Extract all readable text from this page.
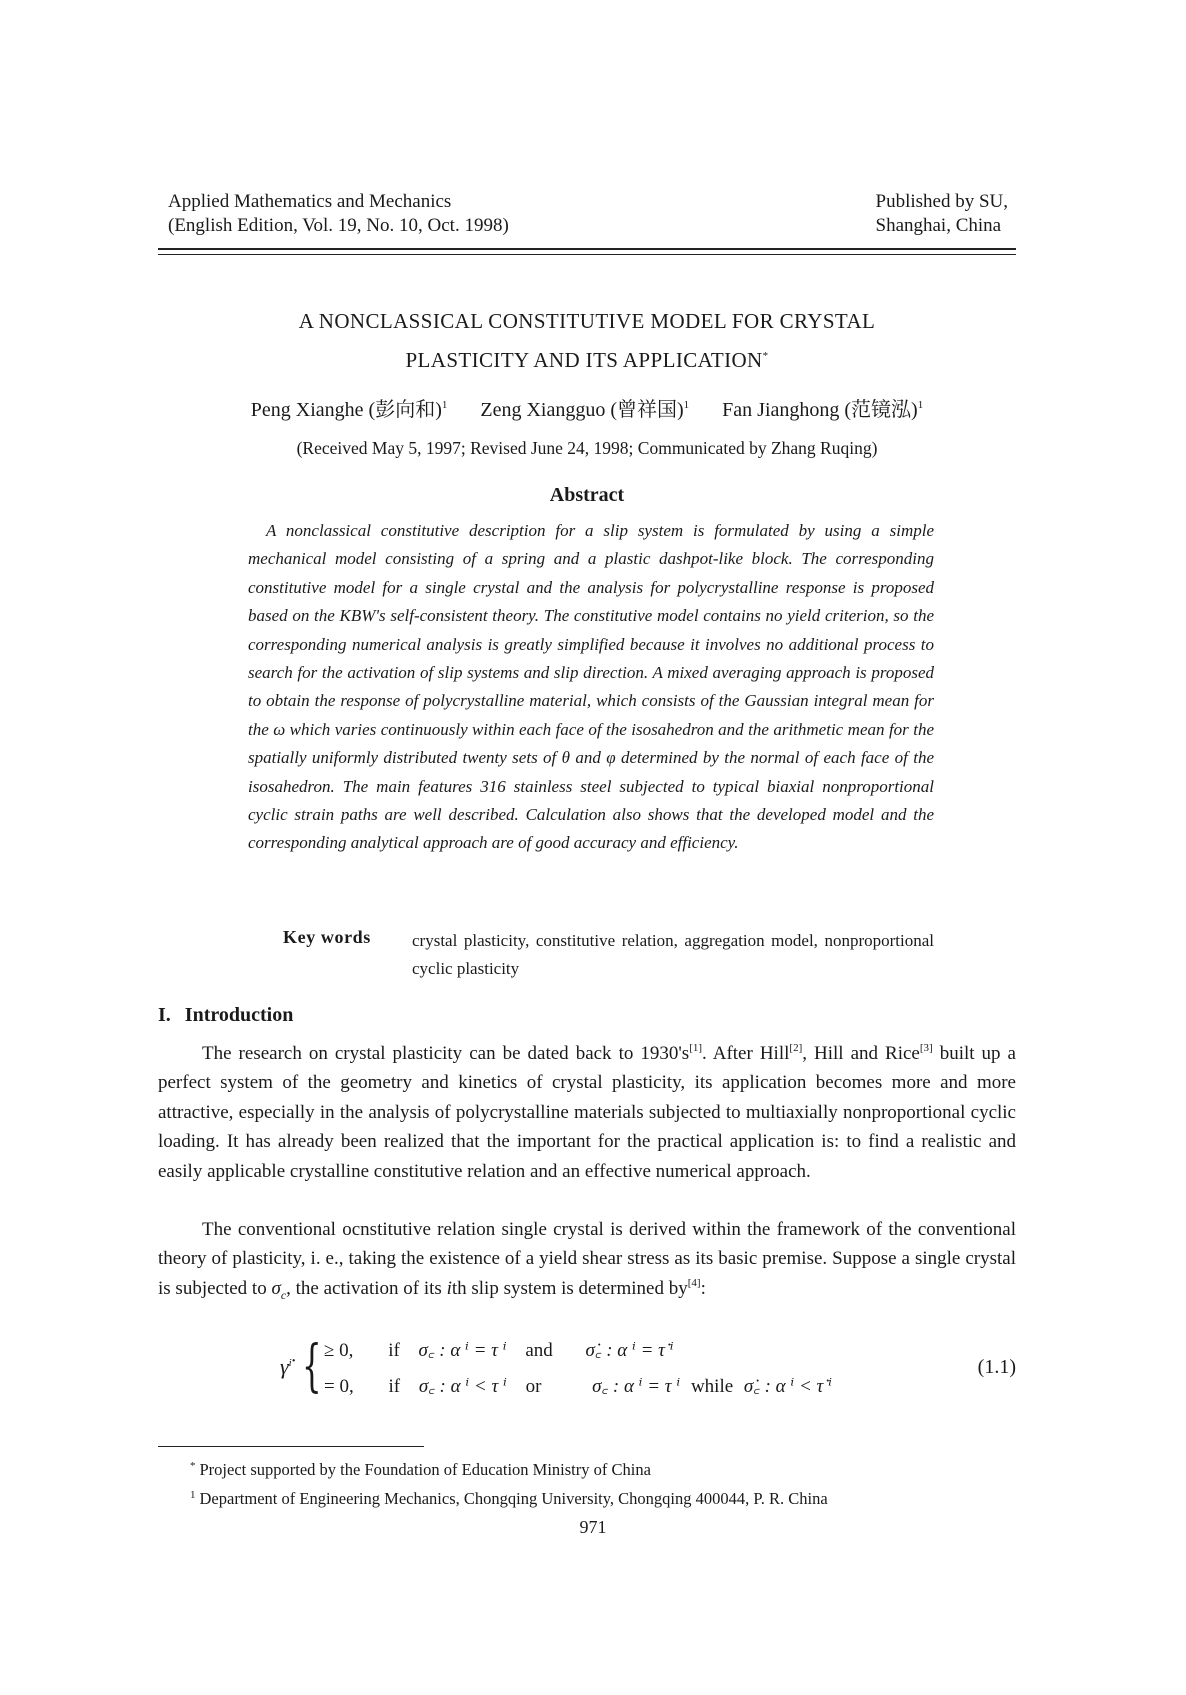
Applied Mathematics and Mechanics
(English Edition, Vol. 19, No. 10, Oct. 1998)
Published by SU,
Shanghai, China
A NONCLASSICAL CONSTITUTIVE MODEL FOR CRYSTAL
PLASTICITY AND ITS APPLICATION*
Peng Xianghe (彭向和)$^1$ Zeng Xiangguo (曾祥国)$^1$ Fan Jianghong (范镜泓)$^1$
(Received May 5, 1997; Revised June 24, 1998; Communicated by Zhang Ruqing)
Abstract
A nonclassical constitutive description for a slip system is formulated by using a simple mechanical model consisting of a spring and a plastic dashpot-like block. The corresponding constitutive model for a single crystal and the analysis for polycrystalline response is proposed based on the KBW's self-consistent theory. The constitutive model contains no yield criterion, so the corresponding numerical analysis is greatly simplified because it involves no additional process to search for the activation of slip systems and slip direction. A mixed averaging approach is proposed to obtain the response of polycrystalline material, which consists of the Gaussian integral mean for the ω which varies continuously within each face of the isosahedron and the arithmetic mean for the spatially uniformly distributed twenty sets of θ and φ determined by the normal of each face of the isosahedron. The main features 316 stainless steel subjected to typical biaxial nonproportional cyclic strain paths are well described. Calculation also shows that the developed model and the corresponding analytical approach are of good accuracy and efficiency.
Key words crystal plasticity, constitutive relation, aggregation model, nonproportional cyclic plasticity
I. Introduction
The research on crystal plasticity can be dated back to 1930's[1]. After Hill[2], Hill and Rice[3] built up a perfect system of the geometry and kinetics of crystal plasticity, its application becomes more and more attractive, especially in the analysis of polycrystalline materials subjected to multiaxially nonproportional cyclic loading. It has already been realized that the important for the practical application is: to find a realistic and easily applicable crystalline constitutive relation and an effective numerical approach.
The conventional ocnstitutive relation single crystal is derived within the framework of the conventional theory of plasticity, i. e., taking the existence of a yield shear stress as its basic premise. Suppose a single crystal is subjected to $\sigma_c$, the activation of its ith slip system is determined by[4]:
γ̇$^i$ { ≥ 0, if σ꜀ : α ⁱ = τ ⁱ and σ̇꜀ : α ⁱ = τ̇ ⁱ
= 0, if σ꜀ : α ⁱ < τ ⁱ or	σ꜀ : α ⁱ = τ ⁱ while σ̇꜀ : α ⁱ < τ̇ ⁱ
(1.1)
* Project supported by the Foundation of Education Ministry of China
$^1$ Department of Engineering Mechanics, Chongqing University, Chongqing 400044, P. R. China
971
